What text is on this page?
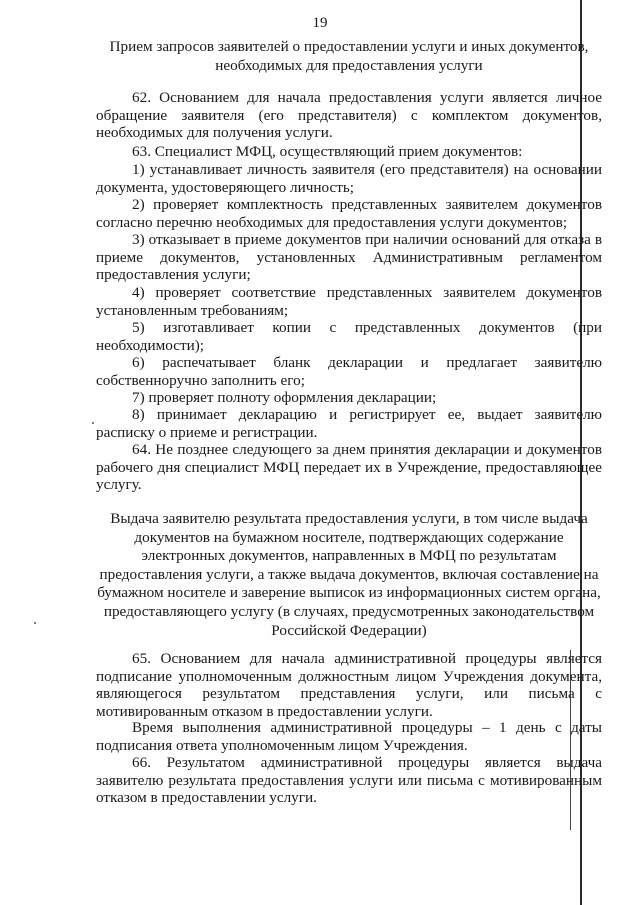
19
Прием запросов заявителей о предоставлении услуги и иных документов, необходимых для предоставления услуги

62. Основанием для начала предоставления услуги является личное обращение заявителя (его представителя) с комплектом документов, необходимых для получения услуги.

63. Специалист МФЦ, осуществляющий прием документов:

1) устанавливает личность заявителя (его представителя) на основании документа, удостоверяющего личность;

2) проверяет комплектность представленных заявителем документов согласно перечню необходимых для предоставления услуги документов;

3) отказывает в приеме документов при наличии оснований для отказа в приеме документов, установленных Административным регламентом предоставления услуги;

4) проверяет соответствие представленных заявителем документов установленным требованиям;

5) изготавливает копии с представленных документов (при необходимости);

6) распечатывает бланк декларации и предлагает заявителю собственноручно заполнить его;

7) проверяет полноту оформления декларации;

8) принимает декларацию и регистрирует ее, выдает заявителю расписку о приеме и регистрации.

64. Не позднее следующего за днем принятия декларации и документов рабочего дня специалист МФЦ передает их в Учреждение, предоставляющее услугу.

Выдача заявителю результата предоставления услуги, в том числе выдача документов на бумажном носителе, подтверждающих содержание электронных документов, направленных в МФЦ по результатам предоставления услуги, а также выдача документов, включая составление на бумажном носителе и заверение выписок из информационных систем органа, предоставляющего услугу (в случаях, предусмотренных законодательством Российской Федерации)

65. Основанием для начала административной процедуры является подписание уполномоченным должностным лицом Учреждения документа, являющегося результатом представления услуги, или письма с мотивированным отказом в предоставлении услуги.

Время выполнения административной процедуры – 1 день с даты подписания ответа уполномоченным лицом Учреждения.

66. Результатом административной процедуры является выдача заявителю результата предоставления услуги или письма с мотивированным отказом в предоставлении услуги.
